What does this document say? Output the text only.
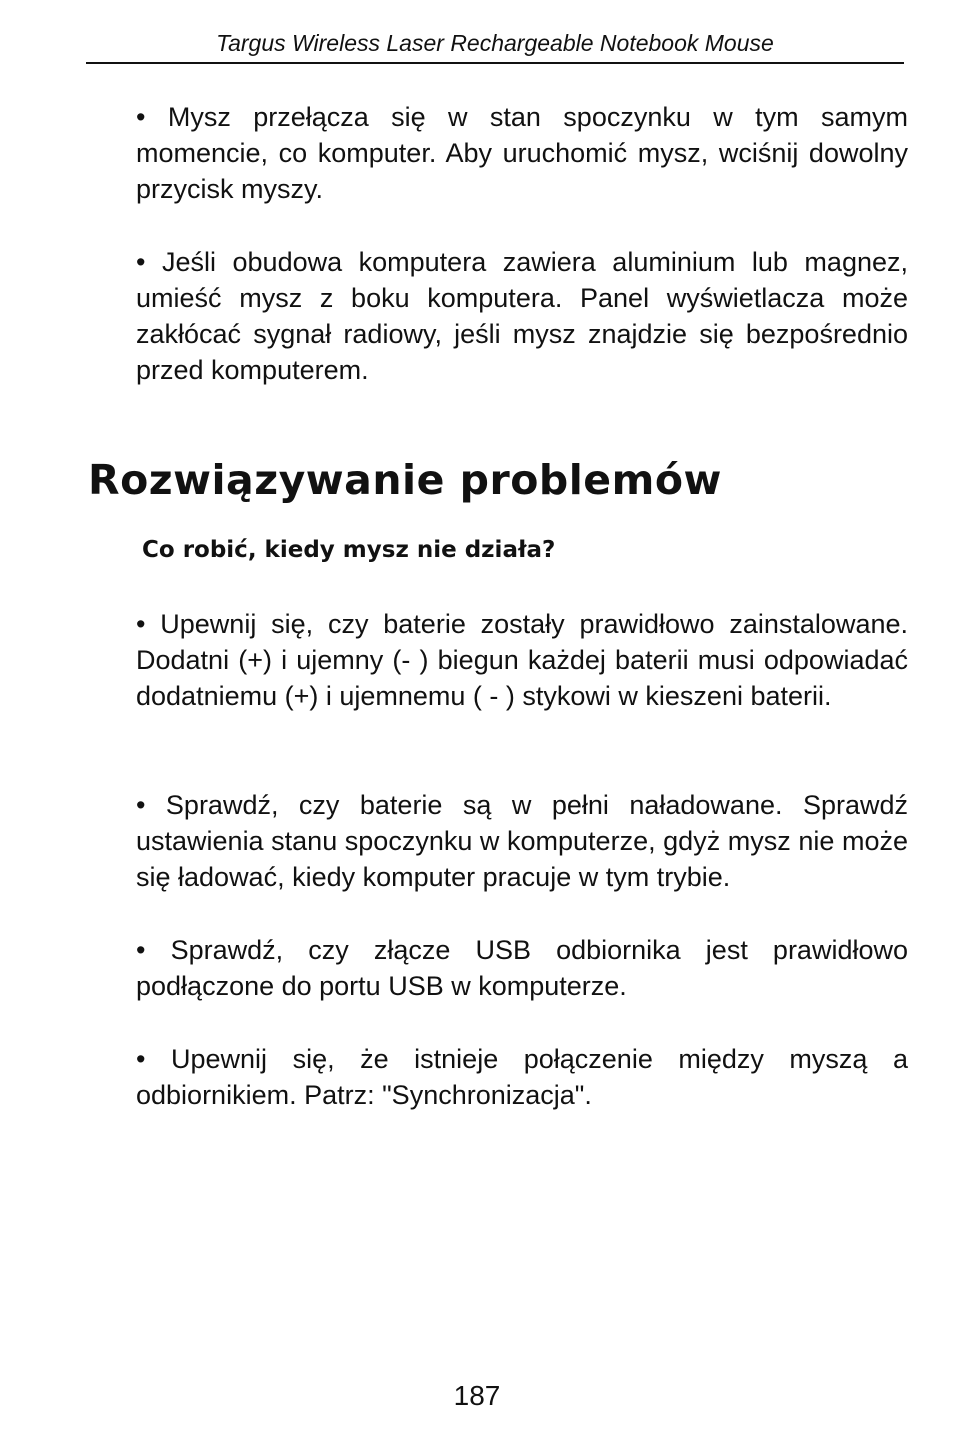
Targus Wireless Laser Rechargeable Notebook Mouse

• Mysz przełącza się w stan spoczynku w tym samym momencie, co komputer. Aby uruchomić mysz, wciśnij dowolny przycisk myszy.

• Jeśli obudowa komputera zawiera aluminium lub magnez, umieść mysz z boku komputera. Panel wyświetlacza może zakłócać sygnał radiowy, jeśli mysz znajdzie się bezpośrednio przed komputerem.

Rozwiązywanie problemów
Co robić, kiedy mysz nie działa?

• Upewnij się, czy baterie zostały prawidłowo zainstalowane. Dodatni (+) i ujemny (- ) biegun każdej baterii musi odpowiadać dodatniemu (+) i ujemnemu ( - ) stykowi w kieszeni baterii.

• Sprawdź, czy baterie są w pełni naładowane. Sprawdź ustawienia stanu spoczynku w komputerze, gdyż mysz nie może się ładować, kiedy komputer pracuje w tym trybie.

• Sprawdź, czy złącze USB odbiornika jest prawidłowo podłączone do portu USB w komputerze.

• Upewnij się, że istnieje połączenie między myszą a odbiornikiem. Patrz: "Synchronizacja".

187
